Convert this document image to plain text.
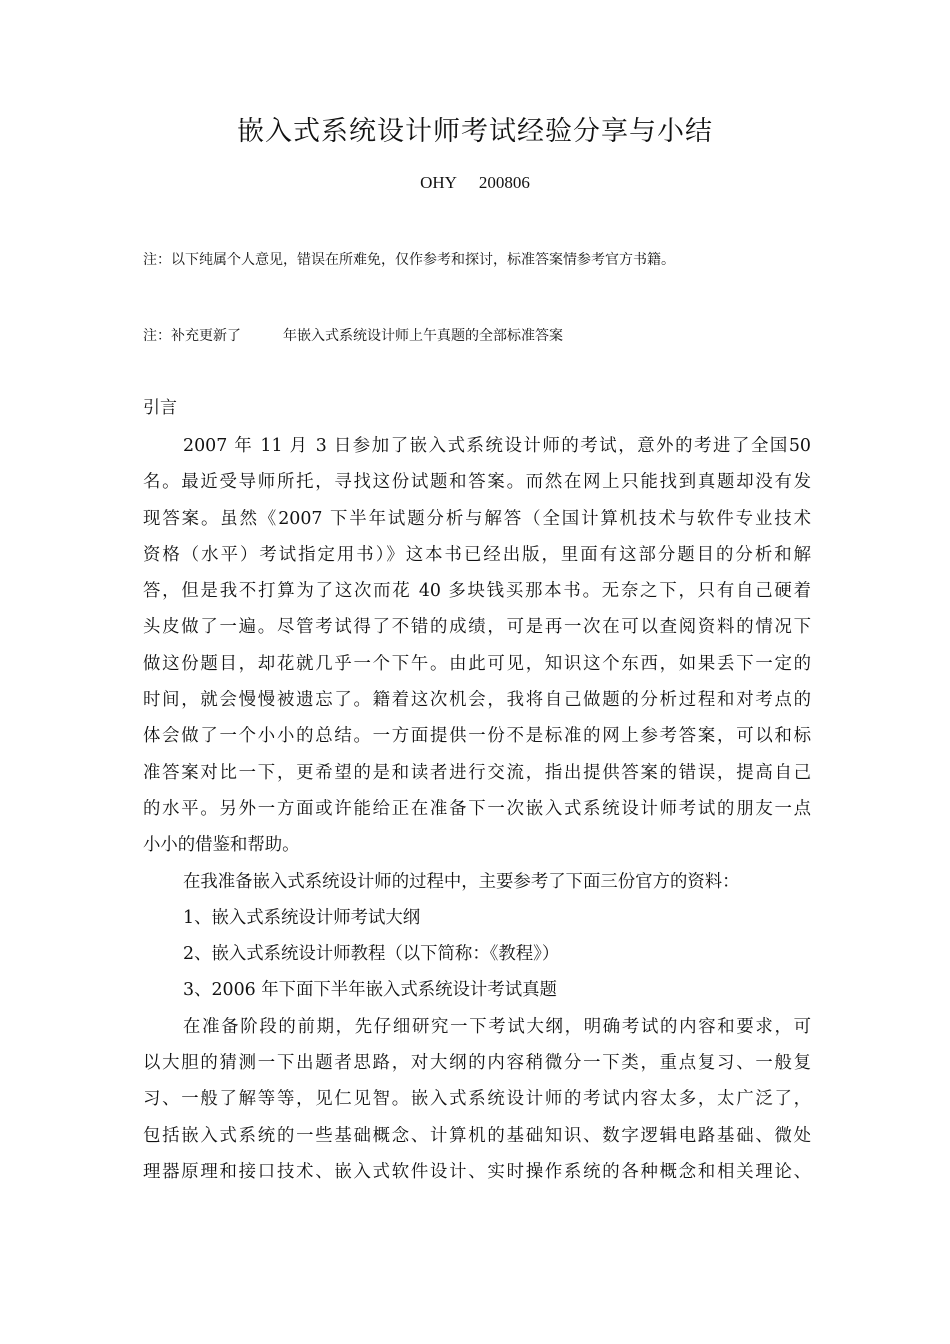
嵌入式系统设计师考试经验分享与小结
OHY 200806
注：以下纯属个人意见，错误在所难免，仅作参考和探讨，标准答案情参考官方书籍。
注：补充更新了	年嵌入式系统设计师上午真题的全部标准答案
引言
2007 年 11 月 3 日参加了嵌入式系统设计师的考试，意外的考进了全国50
名。最近受导师所托，寻找这份试题和答案。而然在网上只能找到真题却没有发
现答案。虽然《2007 下半年试题分析与解答（全国计算机技术与软件专业技术
资格（水平）考试指定用书）》这本书已经出版，里面有这部分题目的分析和解
答，但是我不打算为了这次而花 40 多块钱买那本书。无奈之下，只有自己硬着
头皮做了一遍。尽管考试得了不错的成绩，可是再一次在可以查阅资料的情况下
做这份题目，却花就几乎一个下午。由此可见，知识这个东西，如果丢下一定的
时间，就会慢慢被遗忘了。籍着这次机会，我将自己做题的分析过程和对考点的
体会做了一个小小的总结。一方面提供一份不是标准的网上参考答案，可以和标
准答案对比一下，更希望的是和读者进行交流，指出提供答案的错误，提高自己
的水平。另外一方面或许能给正在准备下一次嵌入式系统设计师考试的朋友一点
小小的借鉴和帮助。
在我准备嵌入式系统设计师的过程中，主要参考了下面三份官方的资料：
1、嵌入式系统设计师考试大纲
2、嵌入式系统设计师教程（以下简称：《教程》）
3、2006 年下面下半年嵌入式系统设计考试真题
在准备阶段的前期，先仔细研究一下考试大纲，明确考试的内容和要求，可
以大胆的猜测一下出题者思路，对大纲的内容稍微分一下类，重点复习、一般复
习、一般了解等等，见仁见智。嵌入式系统设计师的考试内容太多，太广泛了，
包括嵌入式系统的一些基础概念、计算机的基础知识、数字逻辑电路基础、微处
理器原理和接口技术、嵌入式软件设计、实时操作系统的各种概念和相关理论、
